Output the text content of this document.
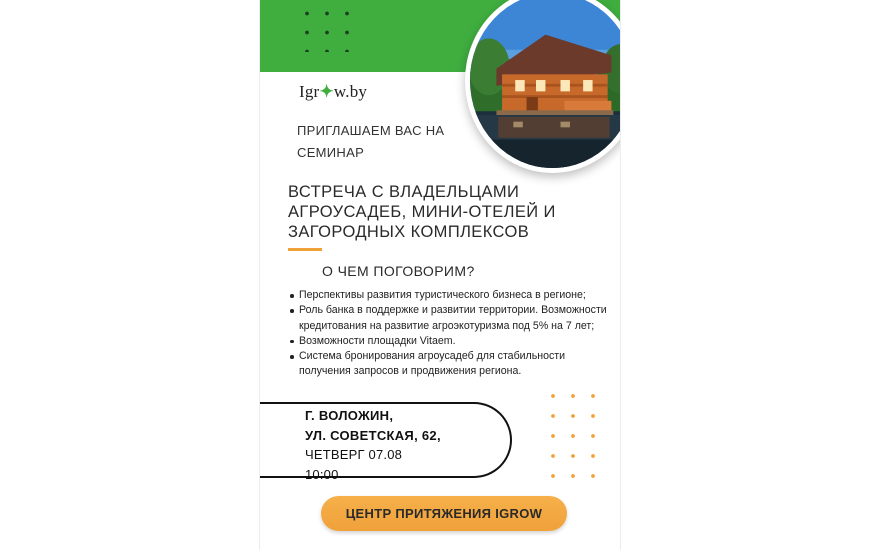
Igr✦w.by
ПРИГЛАШАЕМ ВАС НА СЕМИНАР
ВСТРЕЧА С ВЛАДЕЛЬЦАМИ АГРОУСАДЕБ, МИНИ-ОТЕЛЕЙ И ЗАГОРОДНЫХ КОМПЛЕКСОВ
О ЧЕМ ПОГОВОРИМ?
Перспективы развития туристического бизнеса в регионе;
Роль банка в поддержке и развитии территории. Возможности кредитования на развитие агроэкотуризма под 5% на 7 лет;
Возможности площадки Vitaem.
Система бронирования агроусадеб для стабильности получения запросов и продвижения региона.
Г. ВОЛОЖИН,
УЛ. СОВЕТСКАЯ, 62,
ЧЕТВЕРГ 07.08
10:00
ЦЕНТР ПРИТЯЖЕНИЯ IGROW
